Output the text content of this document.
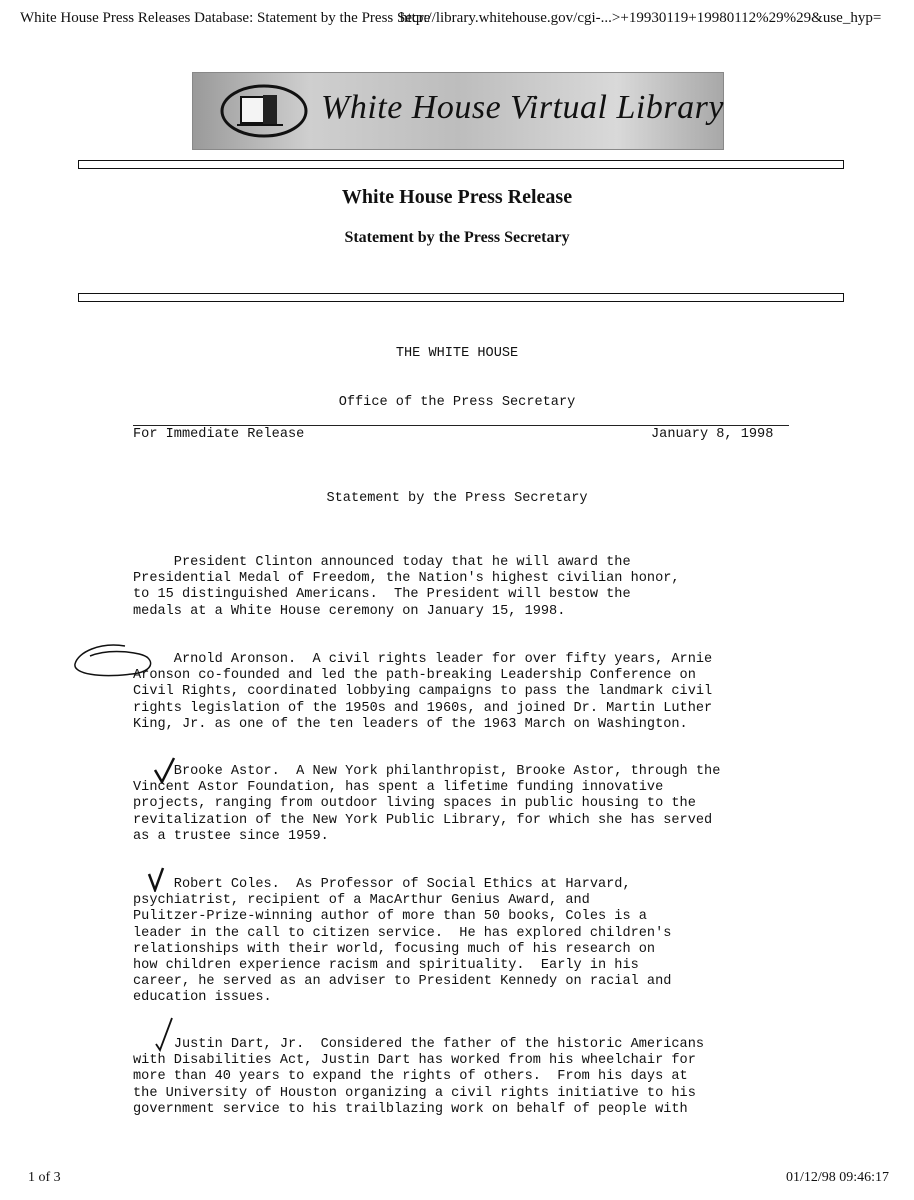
White House Press Releases Database: Statement by the Press Secre
http://library.whitehouse.gov/cgi-...>+19930119+19980112%29%29&use_hyp=
White House Virtual Library
White House Press Release
Statement by the Press Secretary
THE WHITE HOUSE
Office of the Press Secretary
For Immediate Release	January 8, 1998
Statement by the Press Secretary
President Clinton announced today that he will award the
Presidential Medal of Freedom, the Nation's highest civilian honor,
to 15 distinguished Americans.  The President will bestow the
medals at a White House ceremony on January 15, 1998.
Arnold Aronson.  A civil rights leader for over fifty years, Arnie
Aronson co-founded and led the path-breaking Leadership Conference on
Civil Rights, coordinated lobbying campaigns to pass the landmark civil
rights legislation of the 1950s and 1960s, and joined Dr. Martin Luther
King, Jr. as one of the ten leaders of the 1963 March on Washington.
Brooke Astor.  A New York philanthropist, Brooke Astor, through the
Vincent Astor Foundation, has spent a lifetime funding innovative
projects, ranging from outdoor living spaces in public housing to the
revitalization of the New York Public Library, for which she has served
as a trustee since 1959.
Robert Coles.  As Professor of Social Ethics at Harvard,
psychiatrist, recipient of a MacArthur Genius Award, and
Pulitzer-Prize-winning author of more than 50 books, Coles is a
leader in the call to citizen service.  He has explored children's
relationships with their world, focusing much of his research on
how children experience racism and spirituality.  Early in his
career, he served as an adviser to President Kennedy on racial and
education issues.
Justin Dart, Jr.  Considered the father of the historic Americans
with Disabilities Act, Justin Dart has worked from his wheelchair for
more than 40 years to expand the rights of others.  From his days at
the University of Houston organizing a civil rights initiative to his
government service to his trailblazing work on behalf of people with
1 of 3	01/12/98 09:46:17
